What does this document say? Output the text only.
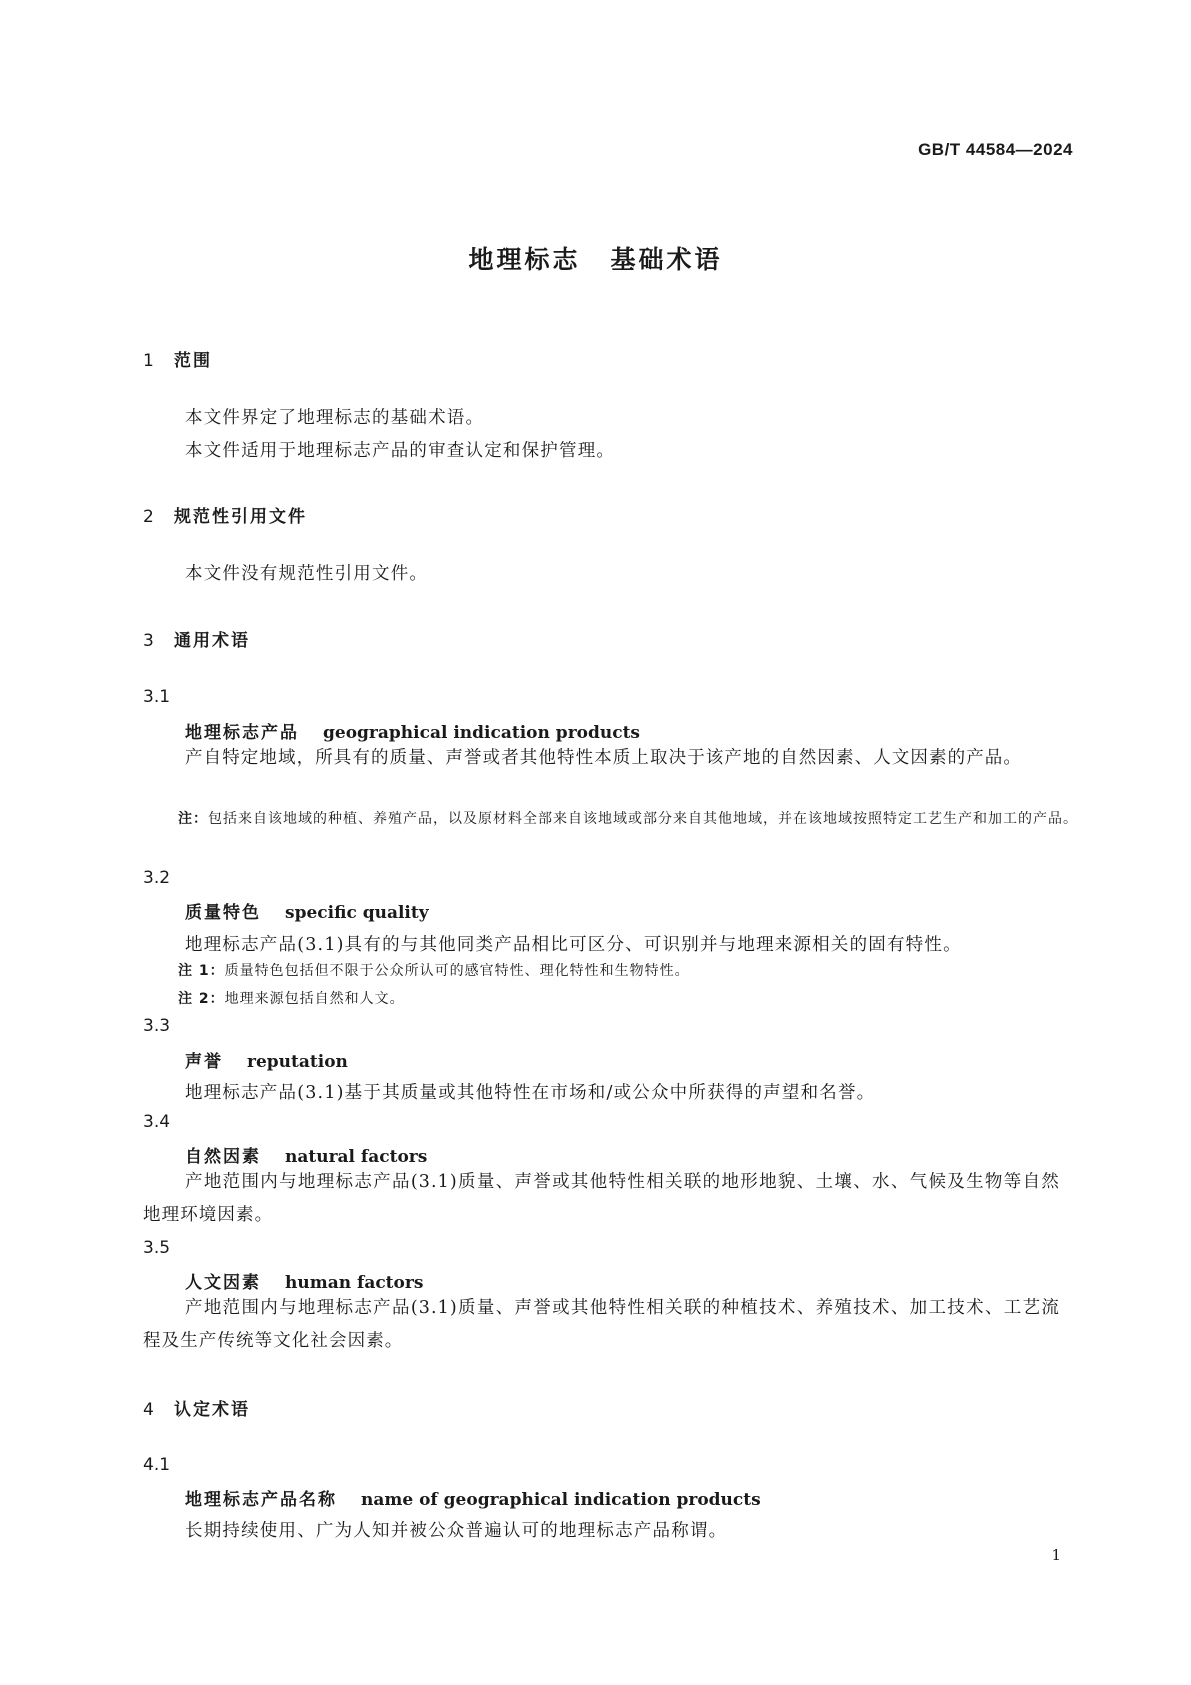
GB/T 44584—2024
地理标志 基础术语
1 范围
本文件界定了地理标志的基础术语。
本文件适用于地理标志产品的审查认定和保护管理。
2 规范性引用文件
本文件没有规范性引用文件。
3 通用术语
3.1
地理标志产品 geographical indication products
产自特定地域，所具有的质量、声誉或者其他特性本质上取决于该产地的自然因素、人文因素的产品。
注：包括来自该地域的种植、养殖产品，以及原材料全部来自该地域或部分来自其他地域，并在该地域按照特定工艺生产和加工的产品。
3.2
质量特色 specific quality
地理标志产品(3.1)具有的与其他同类产品相比可区分、可识别并与地理来源相关的固有特性。
注 1：质量特色包括但不限于公众所认可的感官特性、理化特性和生物特性。
注 2：地理来源包括自然和人文。
3.3
声誉 reputation
地理标志产品(3.1)基于其质量或其他特性在市场和/或公众中所获得的声望和名誉。
3.4
自然因素 natural factors
产地范围内与地理标志产品(3.1)质量、声誉或其他特性相关联的地形地貌、土壤、水、气候及生物等自然地理环境因素。
3.5
人文因素 human factors
产地范围内与地理标志产品(3.1)质量、声誉或其他特性相关联的种植技术、养殖技术、加工技术、工艺流程及生产传统等文化社会因素。
4 认定术语
4.1
地理标志产品名称 name of geographical indication products
长期持续使用、广为人知并被公众普遍认可的地理标志产品称谓。
1
